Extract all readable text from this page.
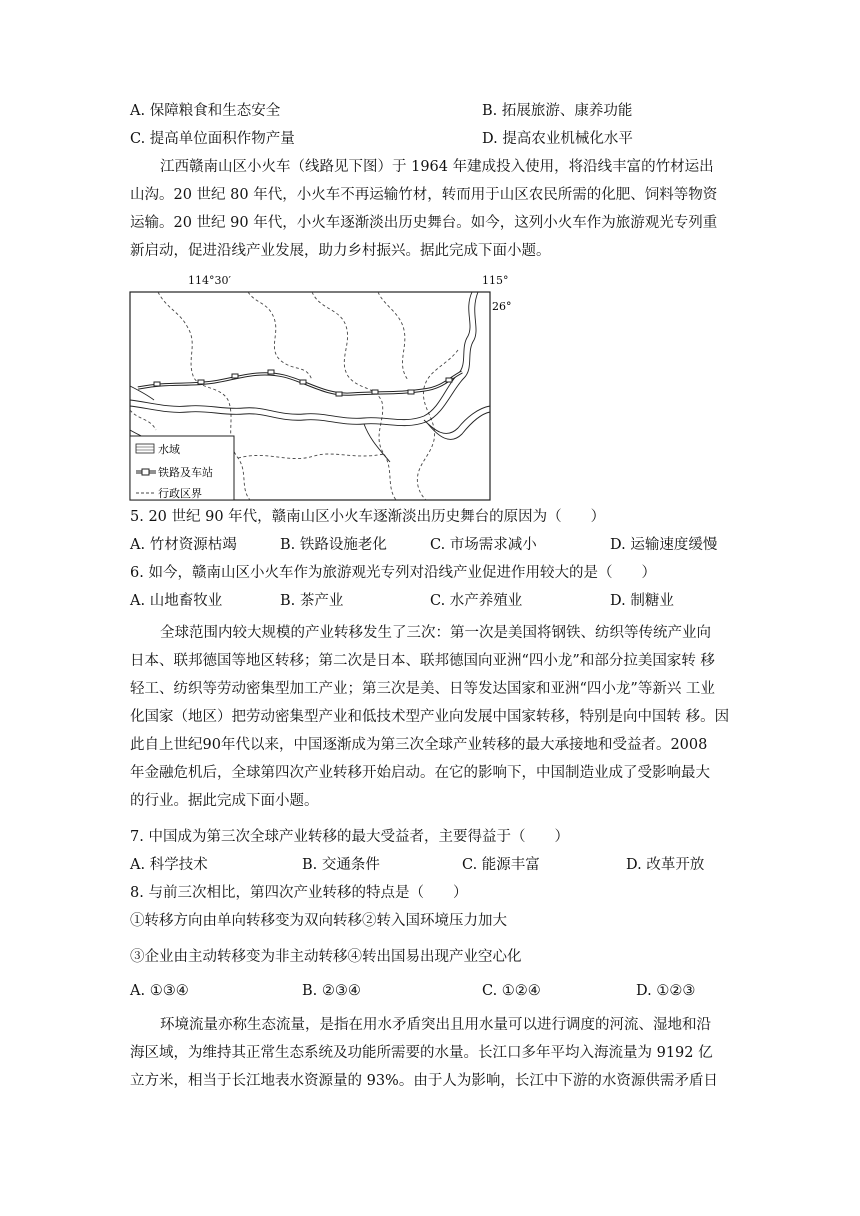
A. 保障粮食和生态安全	B. 拓展旅游、康养功能
C. 提高单位面积作物产量	D. 提高农业机械化水平
江西赣南山区小火车（线路见下图）于 1964 年建成投入使用，将沿线丰富的竹材运出
山沟。20 世纪 80 年代，小火车不再运输竹材，转而用于山区农民所需的化肥、饲料等物资
运输。20 世纪 90 年代，小火车逐渐淡出历史舞台。如今，这列小火车作为旅游观光专列重
新启动，促进沿线产业发展，助力乡村振兴。据此完成下面小题。
水域
铁路及车站
行政区界
26°
114°30′	115°
5. 20 世纪 90 年代，赣南山区小火车逐渐淡出历史舞台的原因为（　　）
A. 竹材资源枯竭	B. 铁路设施老化	C. 市场需求减小	D. 运输速度缓慢
6. 如今，赣南山区小火车作为旅游观光专列对沿线产业促进作用较大的是（　　）
A. 山地畜牧业	B. 茶产业	C. 水产养殖业	D. 制糖业
全球范围内较大规模的产业转移发生了三次：第一次是美国将钢铁、纺织等传统产业向
日本、联邦德国等地区转移；第二次是日本、联邦德国向亚洲“四小龙”和部分拉美国家转 移
轻工、纺织等劳动密集型加工产业；第三次是美、日等发达国家和亚洲“四小龙”等新兴 工业
化国家（地区）把劳动密集型产业和低技术型产业向发展中国家转移，特别是向中国转 移。因
此自上世纪90年代以来，中国逐渐成为第三次全球产业转移的最大承接地和受益者。2008
年金融危机后，全球第四次产业转移开始启动。在它的影响下，中国制造业成了受影响最大
的行业。据此完成下面小题。
7. 中国成为第三次全球产业转移的最大受益者，主要得益于（　　）
A. 科学技术	B. 交通条件	C. 能源丰富	D. 改革开放
8. 与前三次相比，第四次产业转移的特点是（　　）
①转移方向由单向转移变为双向转移②转入国环境压力加大
③企业由主动转移变为非主动转移④转出国易出现产业空心化
A. ①③④	B. ②③④	C. ①②④	D. ①②③
环境流量亦称生态流量，是指在用水矛盾突出且用水量可以进行调度的河流、湿地和沿
海区域，为维持其正常生态系统及功能所需要的水量。长江口多年平均入海流量为 9192 亿
立方米，相当于长江地表水资源量的 93%。由于人为影响，长江中下游的水资源供需矛盾日
